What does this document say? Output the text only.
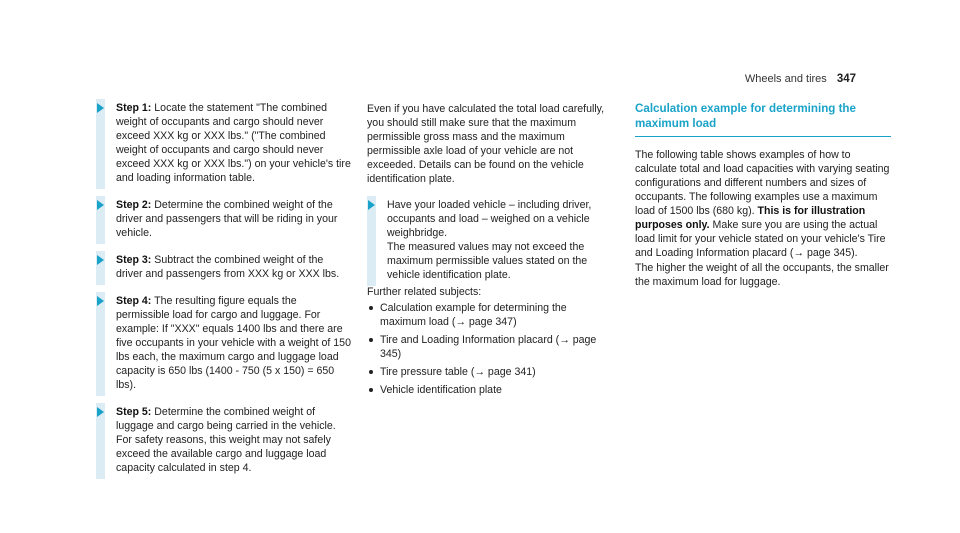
Wheels and tires 347

Step 1: Locate the statement "The combined weight of occupants and cargo should never exceed XXX kg or XXX lbs." ("The combined weight of occupants and cargo should never exceed XXX kg or XXX lbs.") on your vehicle's tire and loading information table.

Step 2: Determine the combined weight of the driver and passengers that will be riding in your vehicle.

Step 3: Subtract the combined weight of the driver and passengers from XXX kg or XXX lbs.

Step 4: The resulting figure equals the permissible load for cargo and luggage. For example: If "XXX" equals 1400 lbs and there are five occupants in your vehicle with a weight of 150 lbs each, the maximum cargo and luggage load capacity is 650 lbs (1400 - 750 (5 x 150) = 650 lbs).

Step 5: Determine the combined weight of luggage and cargo being carried in the vehicle. For safety reasons, this weight may not safely exceed the available cargo and luggage load capacity calculated in step 4.

Even if you have calculated the total load carefully, you should still make sure that the maximum permissible gross mass and the maximum permissible axle load of your vehicle are not exceeded. Details can be found on the vehicle identification plate.

Have your loaded vehicle – including driver, occupants and load – weighed on a vehicle weighbridge.

The measured values may not exceed the maximum permissible values stated on the vehicle identification plate.

Further related subjects:

Calculation example for determining the maximum load (→ page 347)
Tire and Loading Information placard (→ page 345)
Tire pressure table (→ page 341)
Vehicle identification plate
Calculation example for determining the maximum load

The following table shows examples of how to calculate total and load capacities with varying seating configurations and different numbers and sizes of occupants. The following examples use a maximum load of 1500 lbs (680 kg). This is for illustration purposes only. Make sure you are using the actual load limit for your vehicle stated on your vehicle's Tire and Loading Information placard (→ page 345).

The higher the weight of all the occupants, the smaller the maximum load for luggage.
